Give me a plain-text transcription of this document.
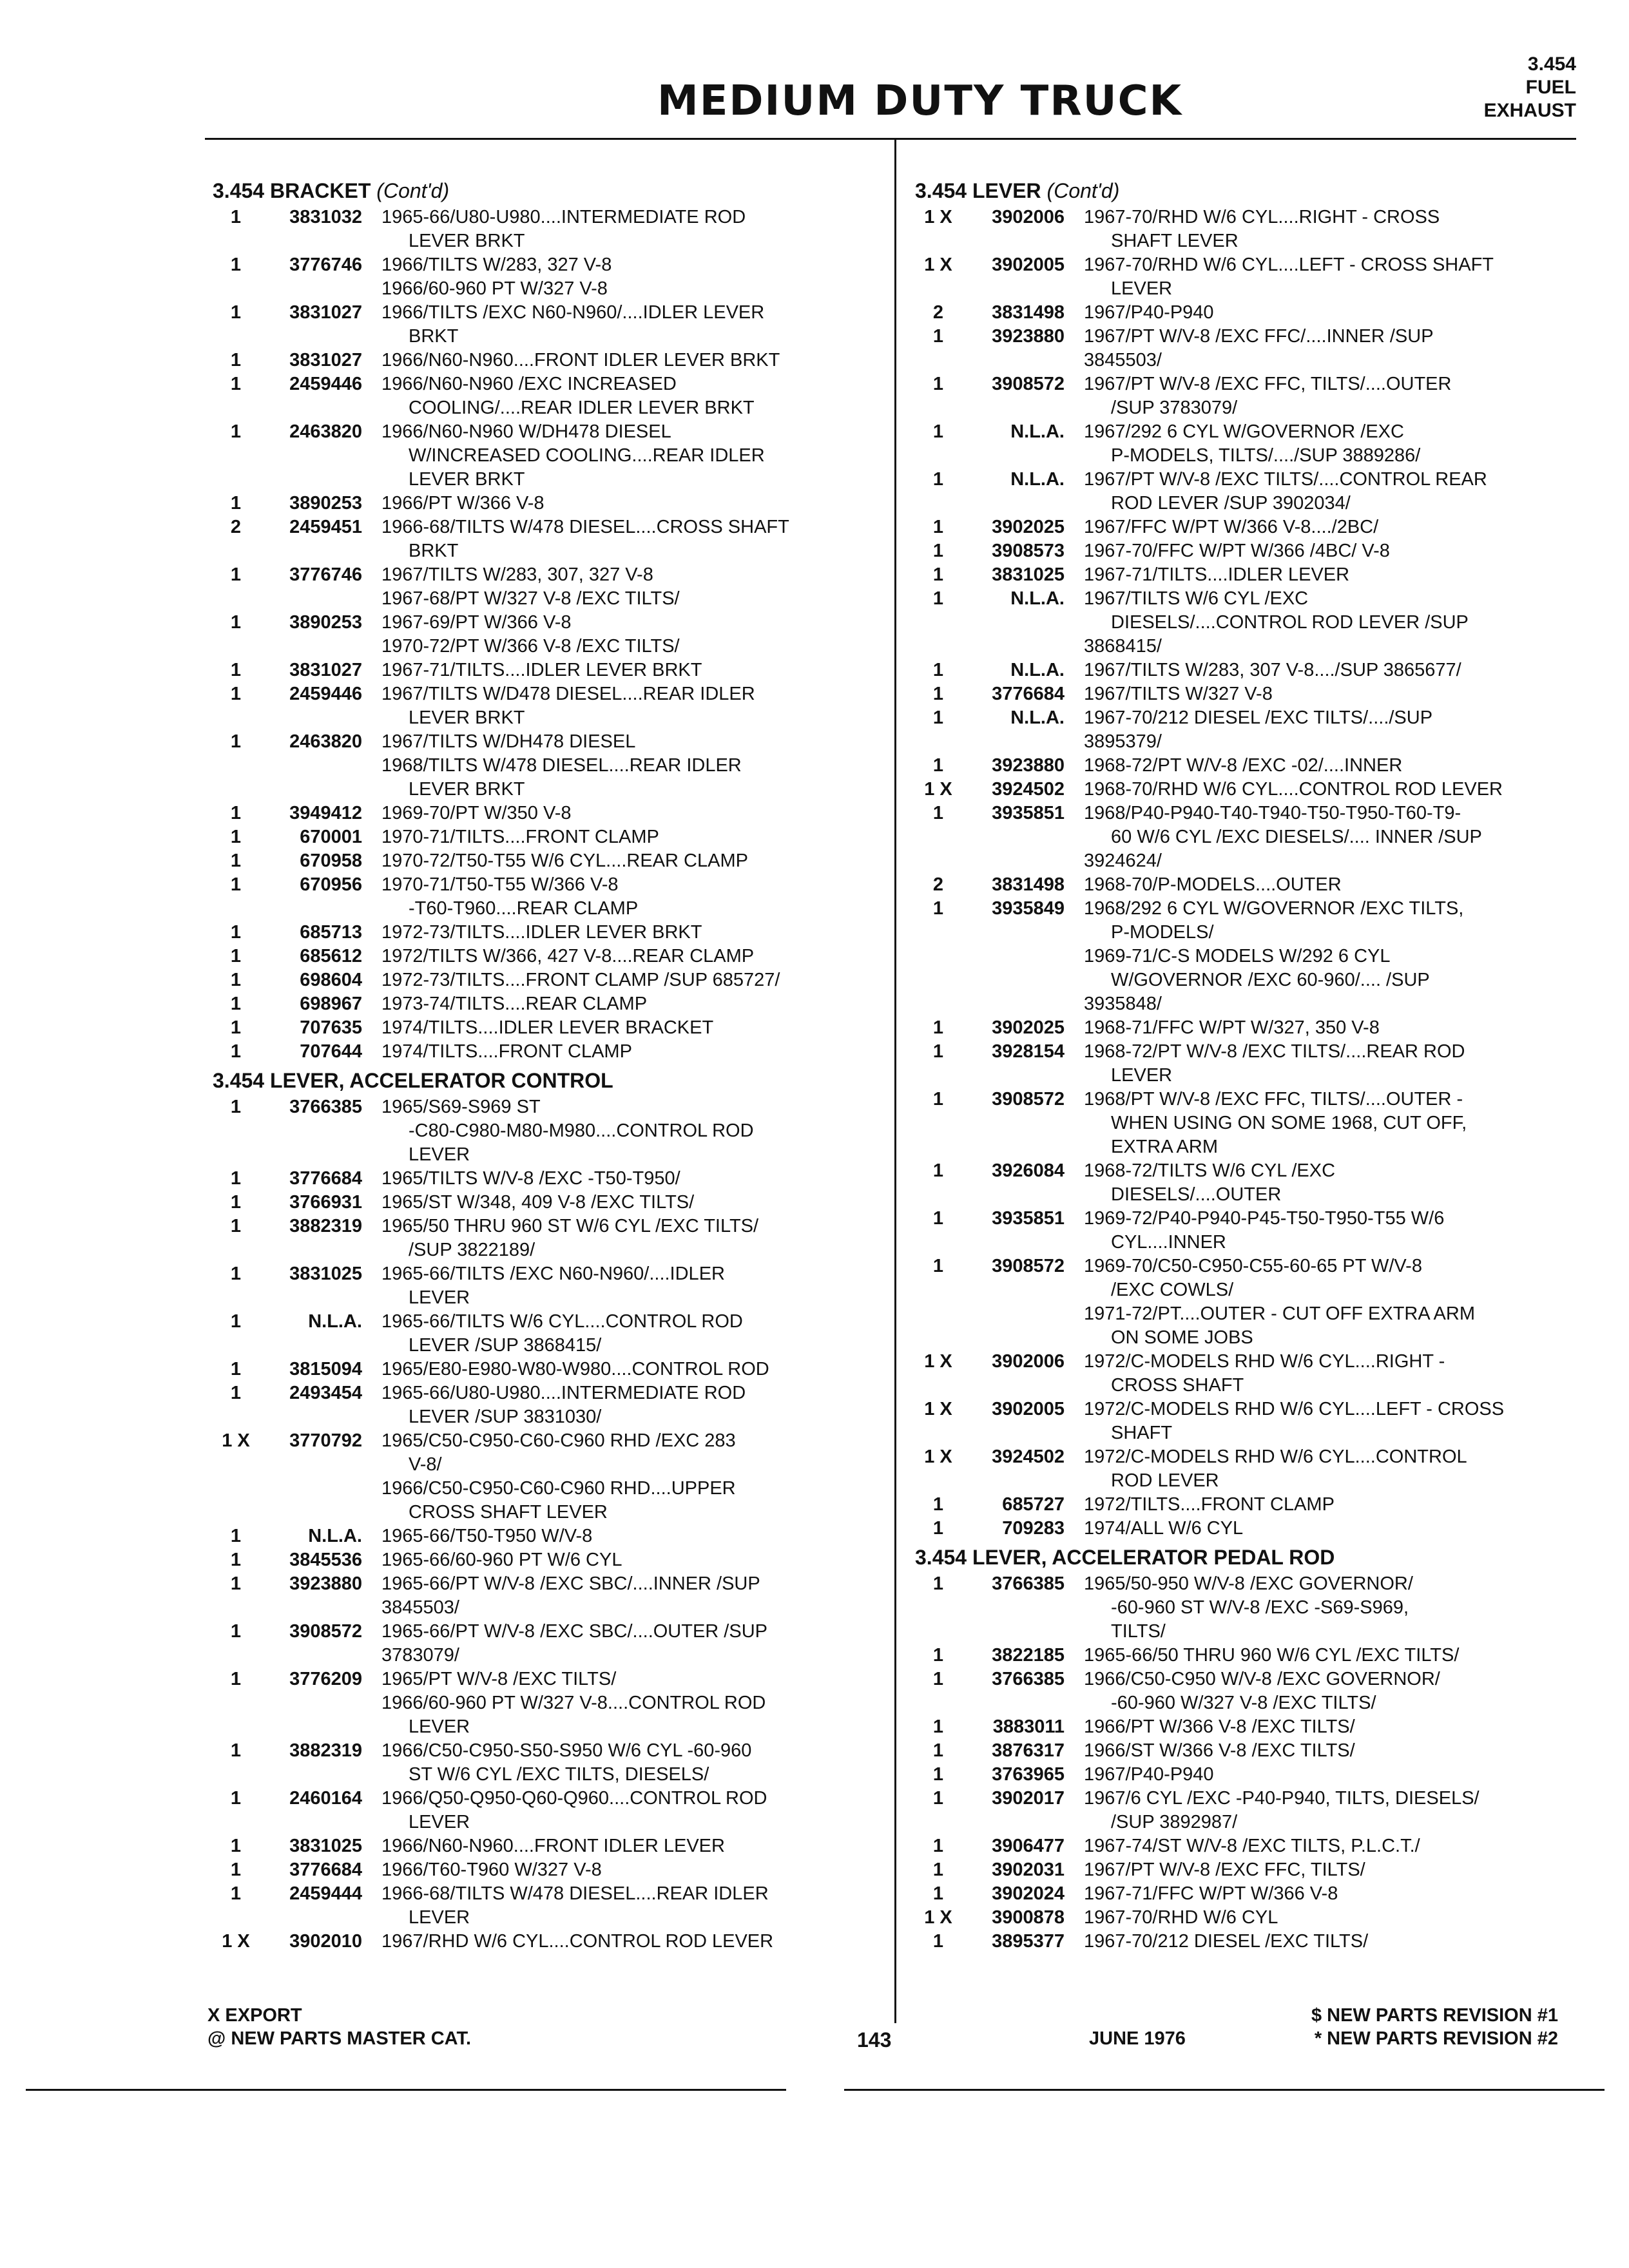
MEDIUM DUTY TRUCK
3.454
FUEL
EXHAUST
3.454 BRACKET (Cont'd)
1	3831032	1965-66/U80-U980....INTERMEDIATE ROD
LEVER BRKT
1	3776746	1966/TILTS W/283, 327 V-8
1966/60-960 PT W/327 V-8
1	3831027	1966/TILTS /EXC N60-N960/....IDLER LEVER
BRKT
1	3831027	1966/N60-N960....FRONT IDLER LEVER BRKT
1	2459446	1966/N60-N960 /EXC INCREASED
COOLING/....REAR IDLER LEVER BRKT
1	2463820	1966/N60-N960 W/DH478 DIESEL
W/INCREASED COOLING....REAR IDLER
LEVER BRKT
1	3890253	1966/PT W/366 V-8
2	2459451	1966-68/TILTS W/478 DIESEL....CROSS SHAFT
BRKT
1	3776746	1967/TILTS W/283, 307, 327 V-8
1967-68/PT W/327 V-8 /EXC TILTS/
1	3890253	1967-69/PT W/366 V-8
1970-72/PT W/366 V-8 /EXC TILTS/
1	3831027	1967-71/TILTS....IDLER LEVER BRKT
1	2459446	1967/TILTS W/D478 DIESEL....REAR IDLER
LEVER BRKT
1	2463820	1967/TILTS W/DH478 DIESEL
1968/TILTS W/478 DIESEL....REAR IDLER
LEVER BRKT
1	3949412	1969-70/PT W/350 V-8
1	670001	1970-71/TILTS....FRONT CLAMP
1	670958	1970-72/T50-T55 W/6 CYL....REAR CLAMP
1	670956	1970-71/T50-T55 W/366 V-8
-T60-T960....REAR CLAMP
1	685713	1972-73/TILTS....IDLER LEVER BRKT
1	685612	1972/TILTS W/366, 427 V-8....REAR CLAMP
1	698604	1972-73/TILTS....FRONT CLAMP /SUP 685727/
1	698967	1973-74/TILTS....REAR CLAMP
1	707635	1974/TILTS....IDLER LEVER BRACKET
1	707644	1974/TILTS....FRONT CLAMP
3.454 LEVER, ACCELERATOR CONTROL
1	3766385	1965/S69-S969 ST
-C80-C980-M80-M980....CONTROL ROD
LEVER
1	3776684	1965/TILTS W/V-8 /EXC -T50-T950/
1	3766931	1965/ST W/348, 409 V-8 /EXC TILTS/
1	3882319	1965/50 THRU 960 ST W/6 CYL /EXC TILTS/
/SUP 3822189/
1	3831025	1965-66/TILTS /EXC N60-N960/....IDLER
LEVER
1	N.L.A.	1965-66/TILTS W/6 CYL....CONTROL ROD
LEVER /SUP 3868415/
1	3815094	1965/E80-E980-W80-W980....CONTROL ROD
1	2493454	1965-66/U80-U980....INTERMEDIATE ROD
LEVER /SUP 3831030/
1 X	3770792	1965/C50-C950-C60-C960 RHD /EXC 283
V-8/
1966/C50-C950-C60-C960 RHD....UPPER
CROSS SHAFT LEVER
1	N.L.A.	1965-66/T50-T950 W/V-8
1	3845536	1965-66/60-960 PT W/6 CYL
1	3923880	1965-66/PT W/V-8 /EXC SBC/....INNER /SUP
3845503/
1	3908572	1965-66/PT W/V-8 /EXC SBC/....OUTER /SUP
3783079/
1	3776209	1965/PT W/V-8 /EXC TILTS/
1966/60-960 PT W/327 V-8....CONTROL ROD
LEVER
1	3882319	1966/C50-C950-S50-S950 W/6 CYL -60-960
ST W/6 CYL /EXC TILTS, DIESELS/
1	2460164	1966/Q50-Q950-Q60-Q960....CONTROL ROD
LEVER
1	3831025	1966/N60-N960....FRONT IDLER LEVER
1	3776684	1966/T60-T960 W/327 V-8
1	2459444	1966-68/TILTS W/478 DIESEL....REAR IDLER
LEVER
1 X	3902010	1967/RHD W/6 CYL....CONTROL ROD LEVER
3.454 LEVER (Cont'd)
1 X	3902006	1967-70/RHD W/6 CYL....RIGHT - CROSS
SHAFT LEVER
1 X	3902005	1967-70/RHD W/6 CYL....LEFT - CROSS SHAFT
LEVER
2	3831498	1967/P40-P940
1	3923880	1967/PT W/V-8 /EXC FFC/....INNER /SUP
3845503/
1	3908572	1967/PT W/V-8 /EXC FFC, TILTS/....OUTER
/SUP 3783079/
1	N.L.A.	1967/292 6 CYL W/GOVERNOR /EXC
P-MODELS, TILTS/..../SUP 3889286/
1	N.L.A.	1967/PT W/V-8 /EXC TILTS/....CONTROL REAR
ROD LEVER /SUP 3902034/
1	3902025	1967/FFC W/PT W/366 V-8..../2BC/
1	3908573	1967-70/FFC W/PT W/366 /4BC/ V-8
1	3831025	1967-71/TILTS....IDLER LEVER
1	N.L.A.	1967/TILTS W/6 CYL /EXC
DIESELS/....CONTROL ROD LEVER /SUP
3868415/
1	N.L.A.	1967/TILTS W/283, 307 V-8..../SUP 3865677/
1	3776684	1967/TILTS W/327 V-8
1	N.L.A.	1967-70/212 DIESEL /EXC TILTS/..../SUP
3895379/
1	3923880	1968-72/PT W/V-8 /EXC -02/....INNER
1 X	3924502	1968-70/RHD W/6 CYL....CONTROL ROD LEVER
1	3935851	1968/P40-P940-T40-T940-T50-T950-T60-T9-
60 W/6 CYL /EXC DIESELS/.... INNER /SUP
3924624/
2	3831498	1968-70/P-MODELS....OUTER
1	3935849	1968/292 6 CYL W/GOVERNOR /EXC TILTS,
P-MODELS/
1969-71/C-S MODELS W/292 6 CYL
W/GOVERNOR /EXC 60-960/.... /SUP
3935848/
1	3902025	1968-71/FFC W/PT W/327, 350 V-8
1	3928154	1968-72/PT W/V-8 /EXC TILTS/....REAR ROD
LEVER
1	3908572	1968/PT W/V-8 /EXC FFC, TILTS/....OUTER -
WHEN USING ON SOME 1968, CUT OFF,
EXTRA ARM
1	3926084	1968-72/TILTS W/6 CYL /EXC
DIESELS/....OUTER
1	3935851	1969-72/P40-P940-P45-T50-T950-T55 W/6
CYL....INNER
1	3908572	1969-70/C50-C950-C55-60-65 PT W/V-8
/EXC COWLS/
1971-72/PT....OUTER - CUT OFF EXTRA ARM
ON SOME JOBS
1 X	3902006	1972/C-MODELS RHD W/6 CYL....RIGHT -
CROSS SHAFT
1 X	3902005	1972/C-MODELS RHD W/6 CYL....LEFT - CROSS
SHAFT
1 X	3924502	1972/C-MODELS RHD W/6 CYL....CONTROL
ROD LEVER
1	685727	1972/TILTS....FRONT CLAMP
1	709283	1974/ALL W/6 CYL
3.454 LEVER, ACCELERATOR PEDAL ROD
1	3766385	1965/50-950 W/V-8 /EXC GOVERNOR/
-60-960 ST W/V-8 /EXC -S69-S969,
TILTS/
1	3822185	1965-66/50 THRU 960 W/6 CYL /EXC TILTS/
1	3766385	1966/C50-C950 W/V-8 /EXC GOVERNOR/
-60-960 W/327 V-8 /EXC TILTS/
1	3883011	1966/PT W/366 V-8 /EXC TILTS/
1	3876317	1966/ST W/366 V-8 /EXC TILTS/
1	3763965	1967/P40-P940
1	3902017	1967/6 CYL /EXC -P40-P940, TILTS, DIESELS/
/SUP 3892987/
1	3906477	1967-74/ST W/V-8 /EXC TILTS, P.L.C.T./
1	3902031	1967/PT W/V-8 /EXC FFC, TILTS/
1	3902024	1967-71/FFC W/PT W/366 V-8
1 X	3900878	1967-70/RHD W/6 CYL
1	3895377	1967-70/212 DIESEL /EXC TILTS/
X EXPORT
@ NEW PARTS MASTER CAT.	143	JUNE 1976
$ NEW PARTS REVISION #1
* NEW PARTS REVISION #2
